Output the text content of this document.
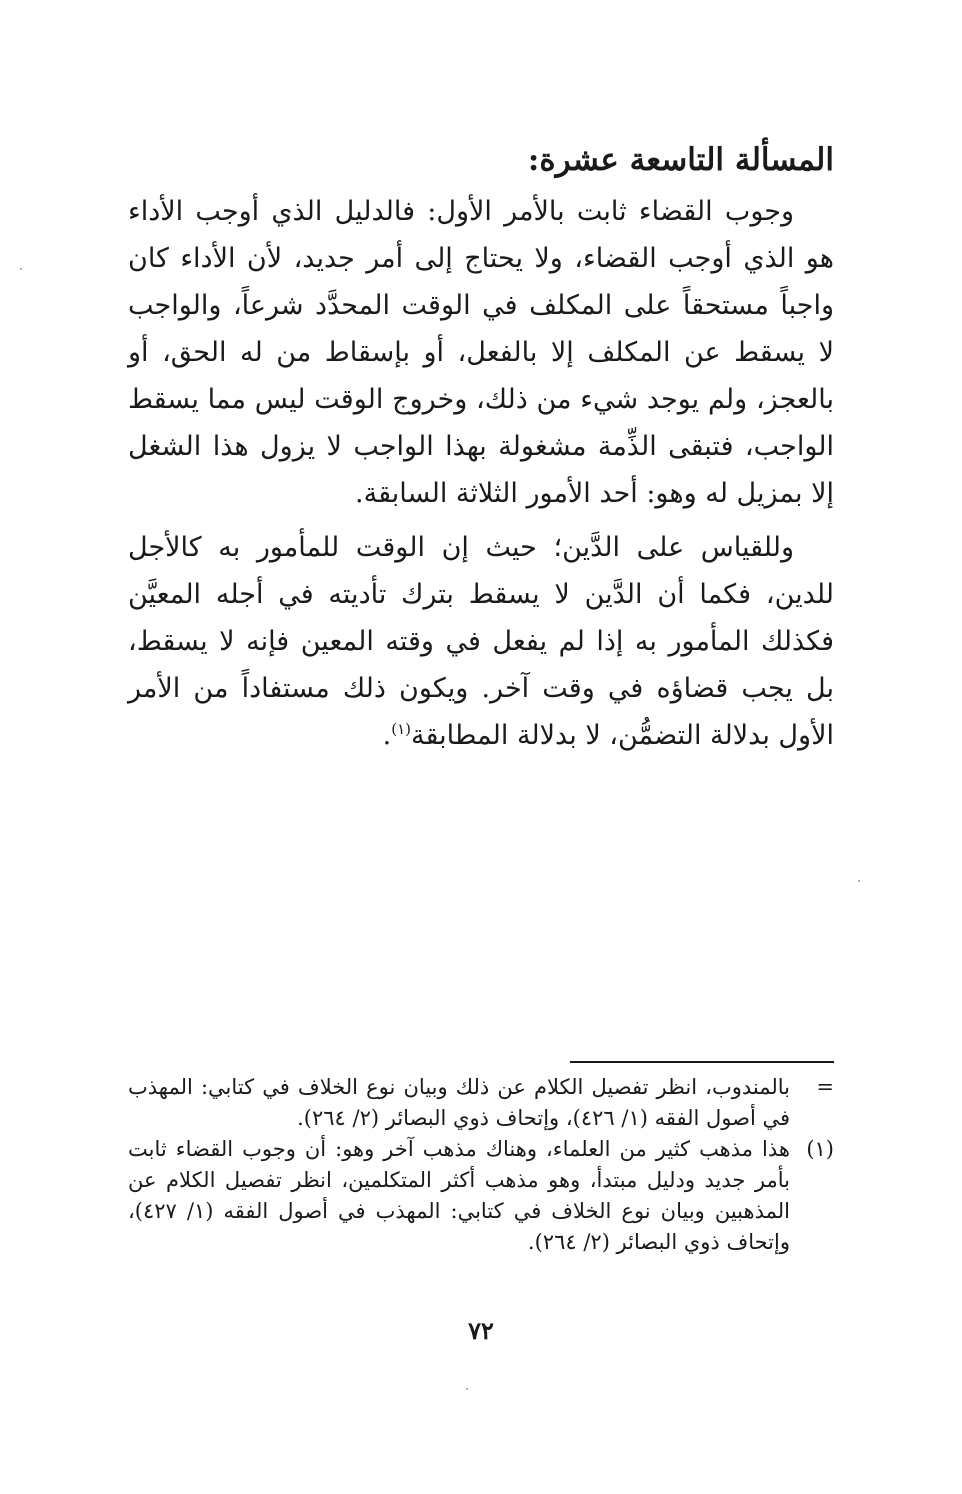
المسألة التاسعة عشرة:

وجوب القضاء ثابت بالأمر الأول: فالدليل الذي أوجب الأداء هو الذي أوجب القضاء، ولا يحتاج إلى أمر جديد، لأن الأداء كان واجباً مستحقاً على المكلف في الوقت المحدَّد شرعاً، والواجب لا يسقط عن المكلف إلا بالفعل، أو بإسقاط من له الحق، أو بالعجز، ولم يوجد شيء من ذلك، وخروج الوقت ليس مما يسقط الواجب، فتبقى الذِّمة مشغولة بهذا الواجب لا يزول هذا الشغل إلا بمزيل له وهو: أحد الأمور الثلاثة السابقة.

وللقياس على الدَّين؛ حيث إن الوقت للمأمور به كالأجل للدين، فكما أن الدَّين لا يسقط بترك تأديته في أجله المعيَّن فكذلك المأمور به إذا لم يفعل في وقته المعين فإنه لا يسقط، بل يجب قضاؤه في وقت آخر. ويكون ذلك مستفاداً من الأمر الأول بدلالة التضمُّن، لا بدلالة المطابقة$^{(١)}$.

=
بالمندوب، انظر تفصيل الكلام عن ذلك وبيان نوع الخلاف في كتابي: المهذب في أصول الفقه (١/ ٤٢٦)، وإتحاف ذوي البصائر (٢/ ٢٦٤).
(١)
هذا مذهب كثير من العلماء، وهناك مذهب آخر وهو: أن وجوب القضاء ثابت بأمر جديد ودليل مبتدأ، وهو مذهب أكثر المتكلمين، انظر تفصيل الكلام عن المذهبين وبيان نوع الخلاف في كتابي: المهذب في أصول الفقه (١/ ٤٢٧)، وإتحاف ذوي البصائر (٢/ ٢٦٤).
٧٢
